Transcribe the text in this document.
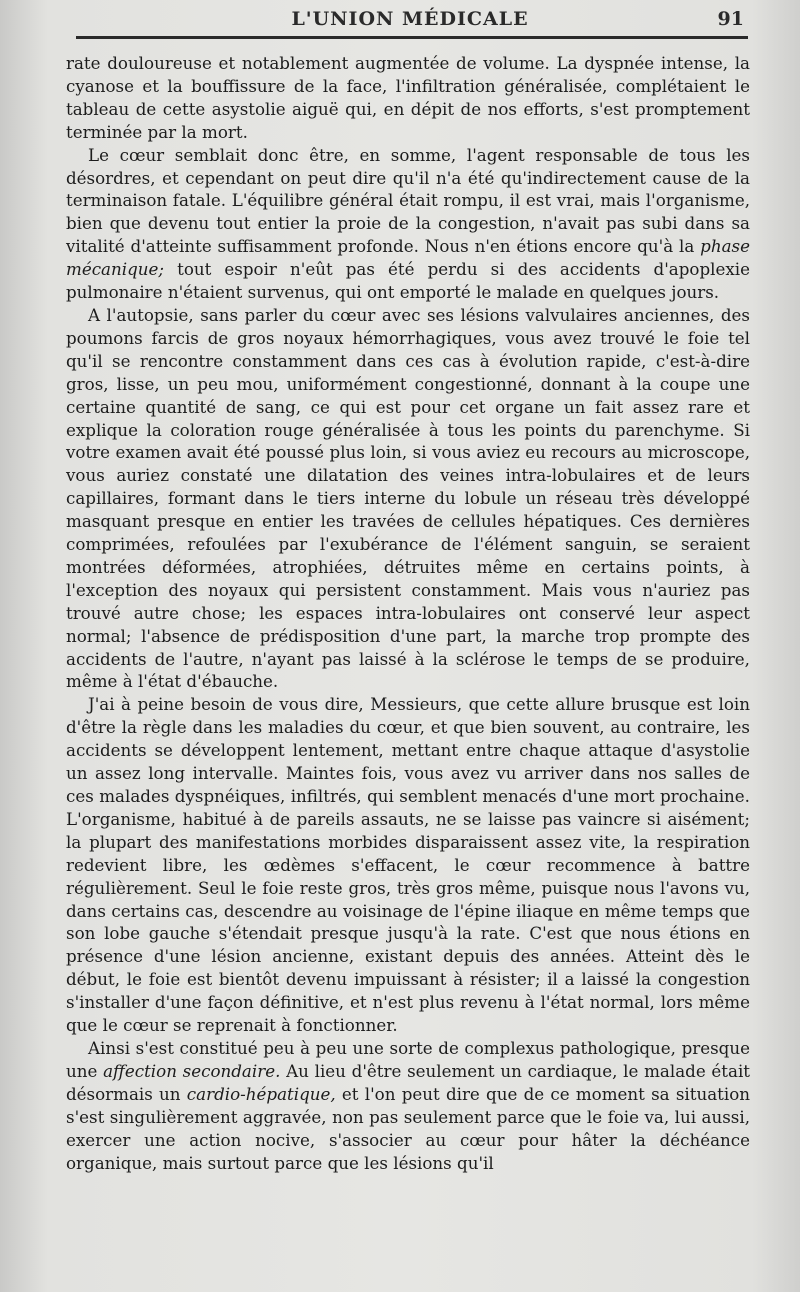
L'UNION MÉDICALE	91

rate douloureuse et notablement augmentée de volume. La dyspnée intense, la cyanose et la bouffissure de la face, l'infiltration généralisée, complétaient le tableau de cette asystolie aiguë qui, en dépit de nos efforts, s'est promptement terminée par la mort.

Le cœur semblait donc être, en somme, l'agent responsable de tous les désordres, et cependant on peut dire qu'il n'a été qu'indirectement cause de la terminaison fatale. L'équilibre général était rompu, il est vrai, mais l'organisme, bien que devenu tout entier la proie de la congestion, n'avait pas subi dans sa vitalité d'atteinte suffisamment profonde. Nous n'en étions encore qu'à la phase mécanique; tout espoir n'eût pas été perdu si des accidents d'apoplexie pulmonaire n'étaient survenus, qui ont emporté le malade en quelques jours.

A l'autopsie, sans parler du cœur avec ses lésions valvulaires anciennes, des poumons farcis de gros noyaux hémorrhagiques, vous avez trouvé le foie tel qu'il se rencontre constamment dans ces cas à évolution rapide, c'est-à-dire gros, lisse, un peu mou, uniformément congestionné, donnant à la coupe une certaine quantité de sang, ce qui est pour cet organe un fait assez rare et explique la coloration rouge généralisée à tous les points du parenchyme. Si votre examen avait été poussé plus loin, si vous aviez eu recours au microscope, vous auriez constaté une dilatation des veines intra-lobulaires et de leurs capillaires, formant dans le tiers interne du lobule un réseau très développé masquant presque en entier les travées de cellules hépatiques. Ces dernières comprimées, refoulées par l'exubérance de l'élément sanguin, se seraient montrées déformées, atrophiées, détruites même en certains points, à l'exception des noyaux qui persistent constamment. Mais vous n'auriez pas trouvé autre chose; les espaces intra-lobulaires ont conservé leur aspect normal; l'absence de prédisposition d'une part, la marche trop prompte des accidents de l'autre, n'ayant pas laissé à la sclérose le temps de se produire, même à l'état d'ébauche.

J'ai à peine besoin de vous dire, Messieurs, que cette allure brusque est loin d'être la règle dans les maladies du cœur, et que bien souvent, au contraire, les accidents se développent lentement, mettant entre chaque attaque d'asystolie un assez long intervalle. Maintes fois, vous avez vu arriver dans nos salles de ces malades dyspnéiques, infiltrés, qui semblent menacés d'une mort prochaine. L'organisme, habitué à de pareils assauts, ne se laisse pas vaincre si aisément; la plupart des manifestations morbides disparaissent assez vite, la respiration redevient libre, les œdèmes s'effacent, le cœur recommence à battre régulièrement. Seul le foie reste gros, très gros même, puisque nous l'avons vu, dans certains cas, descendre au voisinage de l'épine iliaque en même temps que son lobe gauche s'étendait presque jusqu'à la rate. C'est que nous étions en présence d'une lésion ancienne, existant depuis des années. Atteint dès le début, le foie est bientôt devenu impuissant à résister; il a laissé la congestion s'installer d'une façon définitive, et n'est plus revenu à l'état normal, lors même que le cœur se reprenait à fonctionner.

Ainsi s'est constitué peu à peu une sorte de complexus pathologique, presque une affection secondaire. Au lieu d'être seulement un cardiaque, le malade était désormais un cardio-hépatique, et l'on peut dire que de ce moment sa situation s'est singulièrement aggravée, non pas seulement parce que le foie va, lui aussi, exercer une action nocive, s'associer au cœur pour hâter la déchéance organique, mais surtout parce que les lésions qu'il
